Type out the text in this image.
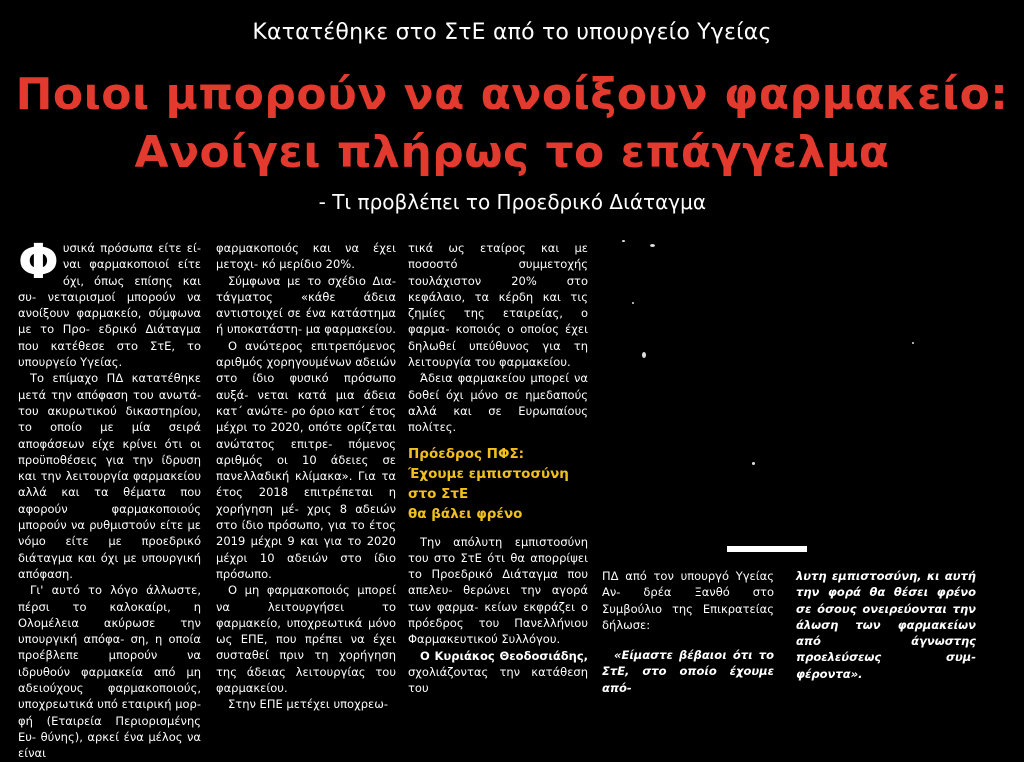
Κατατέθηκε στο ΣτΕ από το υπουργείο Υγείας
Ποιοι μπορούν να ανοίξουν φαρμακείο:
Ανοίγει πλήρως το επάγγελμα
- Τι προβλέπει το Προεδρικό Διάταγμα

Φυσικά πρόσωπα είτε εί- ναι φαρμακοποιοί είτε όχι, όπως επίσης και συ- νεταιρισμοί μπορούν να ανοίξουν φαρμακείο, σύμφωνα με το Προ- εδρικό Διάταγμα που κατέθεσε στο ΣτΕ, το υπουργείο Υγείας.

Το επίμαχο ΠΔ κατατέθηκε μετά την απόφαση του ανωτά- του ακυρωτικού δικαστηρίου, το οποίο με μία σειρά αποφάσεων είχε κρίνει ότι οι προϋποθέσεις για την ίδρυση και την λειτουργία φαρμακείου αλλά και τα θέματα που αφορούν φαρμακοποιούς μπορούν να ρυθμιστούν είτε με νόμο είτε με προεδρικό διάταγμα και όχι με υπουργική απόφαση.

Γι' αυτό το λόγο άλλωστε, πέρσι το καλοκαίρι, η Ολομέλεια ακύρωσε την υπουργική απόφα- ση, η οποία προέβλεπε μπορούν να ιδρυθούν φαρμακεία από μη αδειούχους φαρμακοποιούς, υποχρεωτικά υπό εταιρική μορ- φή (Εταιρεία Περιορισμένης Ευ- θύνης), αρκεί ένα μέλος να είναι

φαρμακοποιός και να έχει μετοχι- κό μερίδιο 20%.

Σύμφωνα με το σχέδιο Δια- τάγματος «κάθε άδεια αντιστοιχεί σε ένα κατάστημα ή υποκατάστη- μα φαρμακείου.

Ο ανώτερος επιτρεπόμενος αριθμός χορηγουμένων αδειών στο ίδιο φυσικό πρόσωπο αυξά- νεται κατά μια άδεια κατ΄ ανώτε- ρο όριο κατ΄ έτος μέχρι το 2020, οπότε ορίζεται ανώτατος επιτρε- πόμενος αριθμός οι 10 άδειες σε πανελλαδική κλίμακα». Για τα έτος 2018 επιτρέπεται η χορήγηση μέ- χρις 8 αδειών στο ίδιο πρόσωπο, για το έτος 2019 μέχρι 9 και για το 2020 μέχρι 10 αδειών στο ίδιο πρόσωπο.

Ο μη φαρμακοποιός μπορεί να λειτουργήσει το φαρμακείο, υποχρεωτικά μόνο ως ΕΠΕ, που πρέπει να έχει συσταθεί πριν τη χορήγηση της άδειας λειτουργίας του φαρμακείου.

Στην ΕΠΕ μετέχει υποχρεω-

τικά ως εταίρος και με ποσοστό συμμετοχής τουλάχιστον 20% στο κεφάλαιο, τα κέρδη και τις ζημίες της εταιρείας, ο φαρμα- κοποιός ο οποίος έχει δηλωθεί υπεύθυνος για τη λειτουργία του φαρμακείου.

Άδεια φαρμακείου μπορεί να δοθεί όχι μόνο σε ημεδαπούς αλλά και σε Ευρωπαίους πολίτες.

Πρόεδρος ΠΦΣ:
Έχουμε εμπιστοσύνη
στο ΣτΕ
θα βάλει φρένο

Την απόλυτη εμπιστοσύνη του στο ΣτΕ ότι θα απορρίψει το Προεδρικό Διάταγμα που απελευ- θερώνει την αγορά των φαρμα- κείων εκφράζει ο πρόεδρος του Πανελλήνιου Φαρμακευτικού Συλλόγου.

Ο Κυριάκος Θεοδοσιάδης, σχολιάζοντας την κατάθεση του

ΠΔ από τον υπουργό Υγείας Αν- δρέα Ξανθό στο Συμβούλιο της Επικρατείας δήλωσε:

«Είμαστε βέβαιοι ότι το ΣτΕ, στο οποίο έχουμε από-

λυτη εμπιστοσύνη, κι αυτή την φορά θα θέσει φρένο σε όσους ονειρεύονται την άλωση των φαρμακείων από άγνωστης προελεύσεως συμ- φέροντα».
